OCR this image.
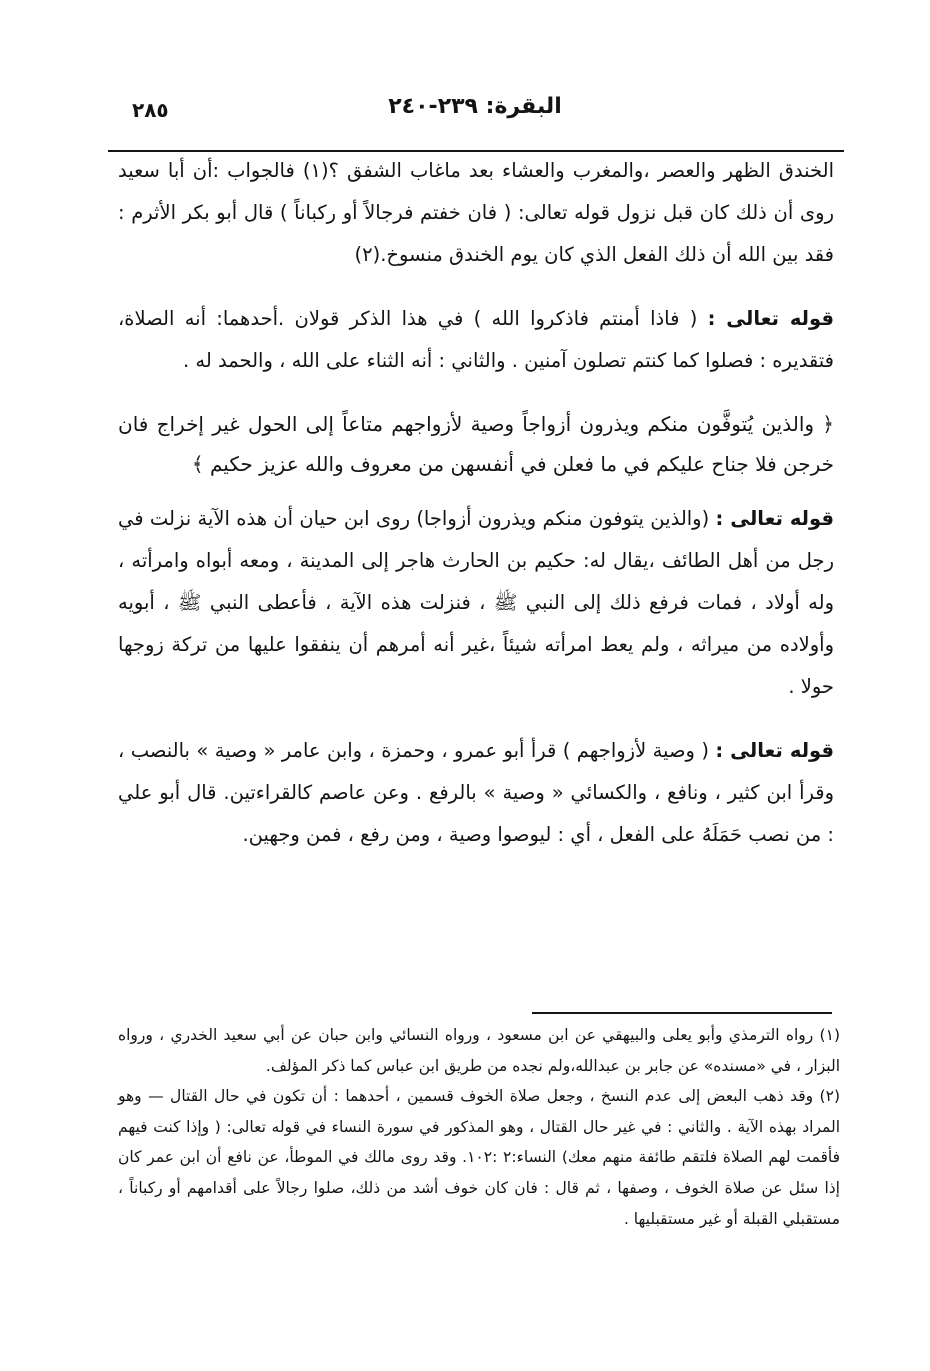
٢٨٥	البقرة: ٢٣٩-٢٤٠

الخندق الظهر والعصر ،والمغرب والعشاء بعد ماغاب الشفق ؟(١) فالجواب :أن أبا سعيد روى أن ذلك كان قبل نزول قوله تعالى: ( فان خفتم فرجالاً أو ركباناً ) قال أبو بكر الأثرم : فقد بين الله أن ذلك الفعل الذي كان يوم الخندق منسوخ.(٢)

قوله تعالى : ( فاذا أمنتم فاذكروا الله ) في هذا الذكر قولان .أحدهما: أنه الصلاة، فتقديره : فصلوا كما كنتم تصلون آمنين . والثاني : أنه الثناء على الله ، والحمد له .

﴿ والذين يُتوفَّون منكم ويذرون أزواجاً وصية لأزواجهم متاعاً إلى الحول غير إخراج فان خرجن فلا جناح عليكم في ما فعلن في أنفسهن من معروف والله عزيز حكيم ﴾

قوله تعالى : (والذين يتوفون منكم ويذرون أزواجا) روى ابن حيان أن هذه الآية نزلت في رجل من أهل الطائف ،يقال له: حكيم بن الحارث هاجر إلى المدينة ، ومعه أبواه وامرأته ، وله أولاد ، فمات فرفع ذلك إلى النبي ﷺ ، فنزلت هذه الآية ، فأعطى النبي ﷺ ، أبويه وأولاده من ميراثه ، ولم يعط امرأته شيئاً ،غير أنه أمرهم أن ينفقوا عليها من تركة زوجها حولا .

قوله تعالى : ( وصية لأزواجهم ) قرأ أبو عمرو ، وحمزة ، وابن عامر « وصية » بالنصب ، وقرأ ابن كثير ، ونافع ، والكسائي « وصية » بالرفع . وعن عاصم كالقراءتين. قال أبو علي : من نصب حَمَلَهُ على الفعل ، أي : ليوصوا وصية ، ومن رفع ، فمن وجهين.

(١) رواه الترمذي وأبو يعلى والبيهقي عن ابن مسعود ، ورواه النسائي وابن حبان عن أبي سعيد الخدري ، ورواه البزار ، في «مسنده» عن جابر بن عبدالله،ولم نجده من طريق ابن عباس كما ذكر المؤلف.

(٢) وقد ذهب البعض إلى عدم النسخ ، وجعل صلاة الخوف قسمين ، أحدهما : أن تكون في حال القتال — وهو المراد بهذه الآية . والثاني : في غير حال القتال ، وهو المذكور في سورة النساء في قوله تعالى: ( وإذا كنت فيهم فأقمت لهم الصلاة فلتقم طائفة منهم معك) النساء:٢ :١٠٢. وقد روى مالك في الموطأ، عن نافع أن ابن عمر كان إذا سئل عن صلاة الخوف ، وصفها ، ثم قال : فان كان خوف أشد من ذلك، صلوا رجالاً على أقدامهم أو ركباناً ، مستقبلي القبلة أو غير مستقبليها .
